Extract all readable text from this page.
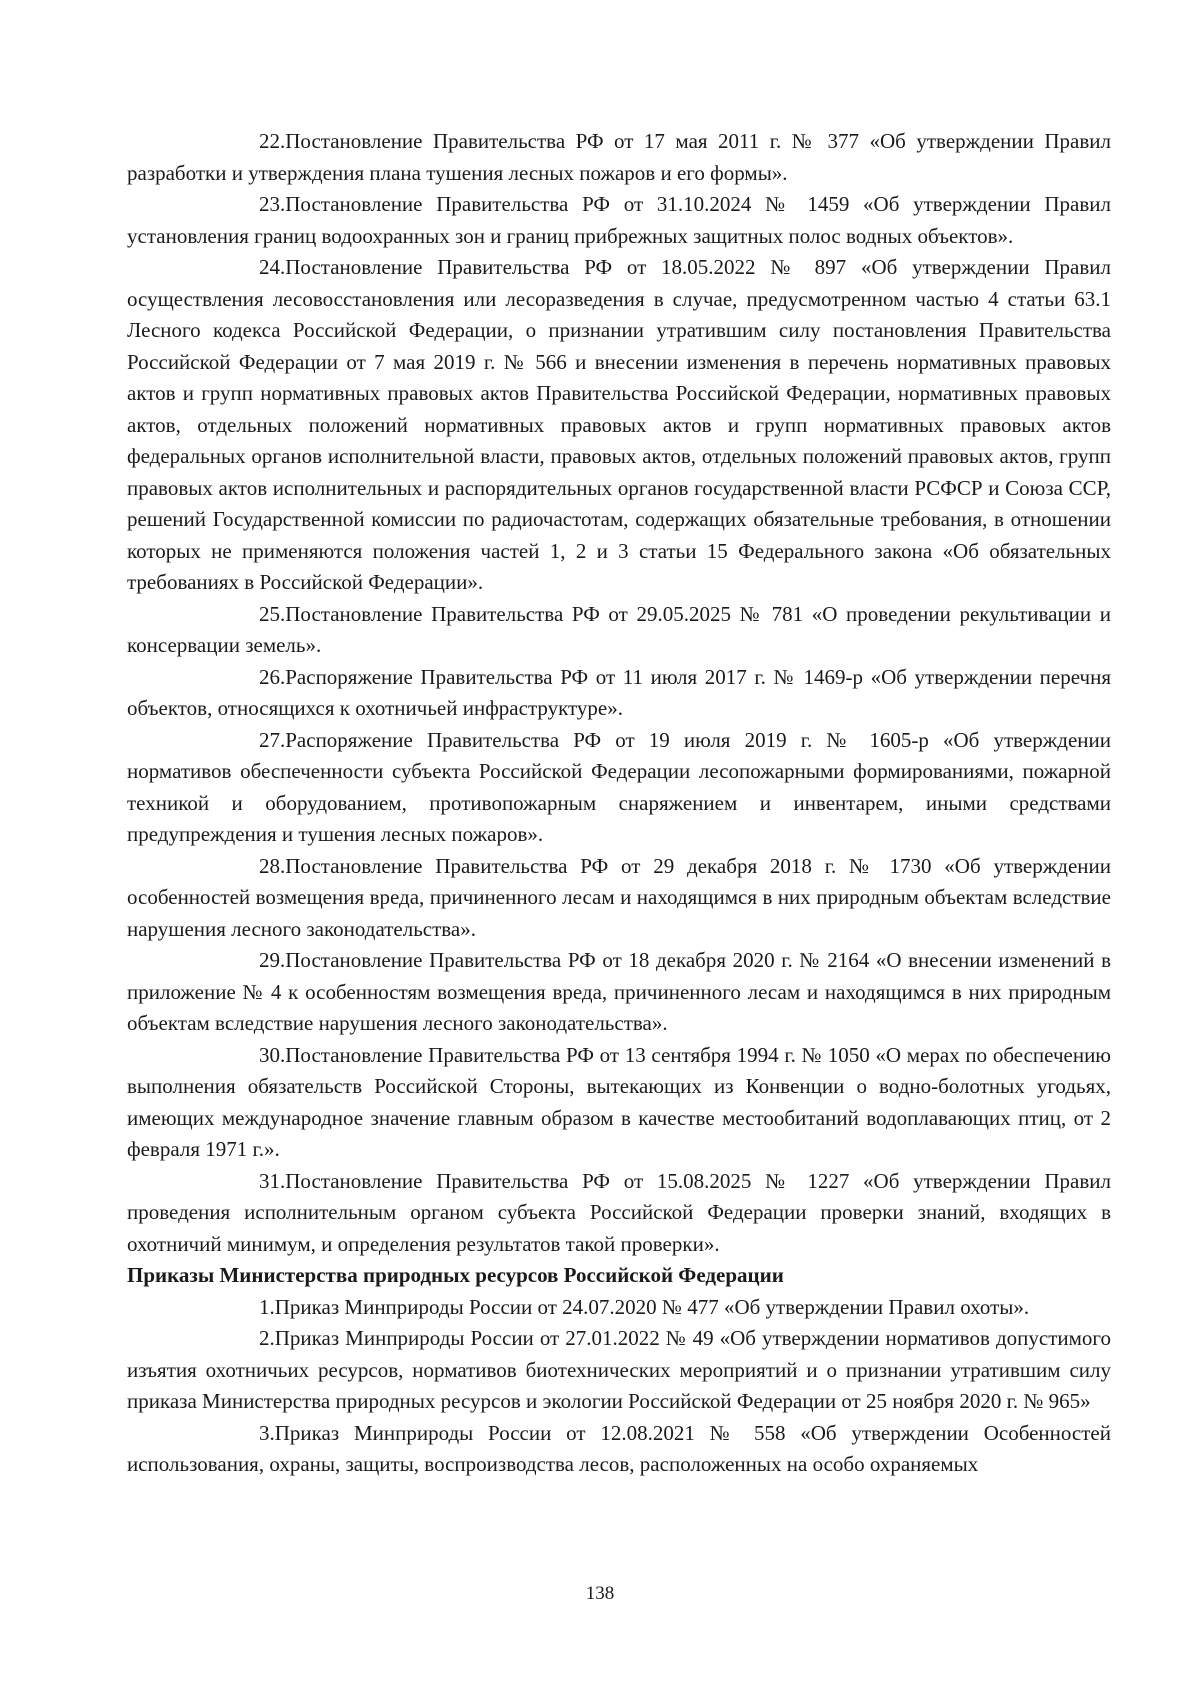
22.Постановление Правительства РФ от 17 мая 2011 г. № 377 «Об утверждении Правил разработки и утверждения плана тушения лесных пожаров и его формы».

23.Постановление Правительства РФ от 31.10.2024 № 1459 «Об утверждении Правил установления границ водоохранных зон и границ прибрежных защитных полос водных объектов».

24.Постановление Правительства РФ от 18.05.2022 № 897 «Об утверждении Правил осуществления лесовосстановления или лесоразведения в случае, предусмотренном частью 4 статьи 63.1 Лесного кодекса Российской Федерации, о признании утратившим силу постановления Правительства Российской Федерации от 7 мая 2019 г. № 566 и внесении изменения в перечень нормативных правовых актов и групп нормативных правовых актов Правительства Российской Федерации, нормативных правовых актов, отдельных положений нормативных правовых актов и групп нормативных правовых актов федеральных органов исполнительной власти, правовых актов, отдельных положений правовых актов, групп правовых актов исполнительных и распорядительных органов государственной власти РСФСР и Союза ССР, решений Государственной комиссии по радиочастотам, содержащих обязательные требования, в отношении которых не применяются положения частей 1, 2 и 3 статьи 15 Федерального закона «Об обязательных требованиях в Российской Федерации».

25.Постановление Правительства РФ от 29.05.2025 № 781 «О проведении рекультивации и консервации земель».

26.Распоряжение Правительства РФ от 11 июля 2017 г. № 1469-р «Об утверждении перечня объектов, относящихся к охотничьей инфраструктуре».

27.Распоряжение Правительства РФ от 19 июля 2019 г. № 1605-р «Об утверждении нормативов обеспеченности субъекта Российской Федерации лесопожарными формированиями, пожарной техникой и оборудованием, противопожарным снаряжением и инвентарем, иными средствами предупреждения и тушения лесных пожаров».

28.Постановление Правительства РФ от 29 декабря 2018 г. № 1730 «Об утверждении особенностей возмещения вреда, причиненного лесам и находящимся в них природным объектам вследствие нарушения лесного законодательства».

29.Постановление Правительства РФ от 18 декабря 2020 г. № 2164 «О внесении изменений в приложение № 4 к особенностям возмещения вреда, причиненного лесам и находящимся в них природным объектам вследствие нарушения лесного законодательства».

30.Постановление Правительства РФ от 13 сентября 1994 г. № 1050 «О мерах по обеспечению выполнения обязательств Российской Стороны, вытекающих из Конвенции о водно-болотных угодьях, имеющих международное значение главным образом в качестве местообитаний водоплавающих птиц, от 2 февраля 1971 г.».

31.Постановление Правительства РФ от 15.08.2025 № 1227 «Об утверждении Правил проведения исполнительным органом субъекта Российской Федерации проверки знаний, входящих в охотничий минимум, и определения результатов такой проверки».

Приказы Министерства природных ресурсов Российской Федерации

1.Приказ Минприроды России от 24.07.2020 № 477 «Об утверждении Правил охоты».

2.Приказ Минприроды России от 27.01.2022 № 49 «Об утверждении нормативов допустимого изъятия охотничьих ресурсов, нормативов биотехнических мероприятий и о признании утратившим силу приказа Министерства природных ресурсов и экологии Российской Федерации от 25 ноября 2020 г. № 965»

3.Приказ Минприроды России от 12.08.2021 № 558 «Об утверждении Особенностей использования, охраны, защиты, воспроизводства лесов, расположенных на особо охраняемых

138
